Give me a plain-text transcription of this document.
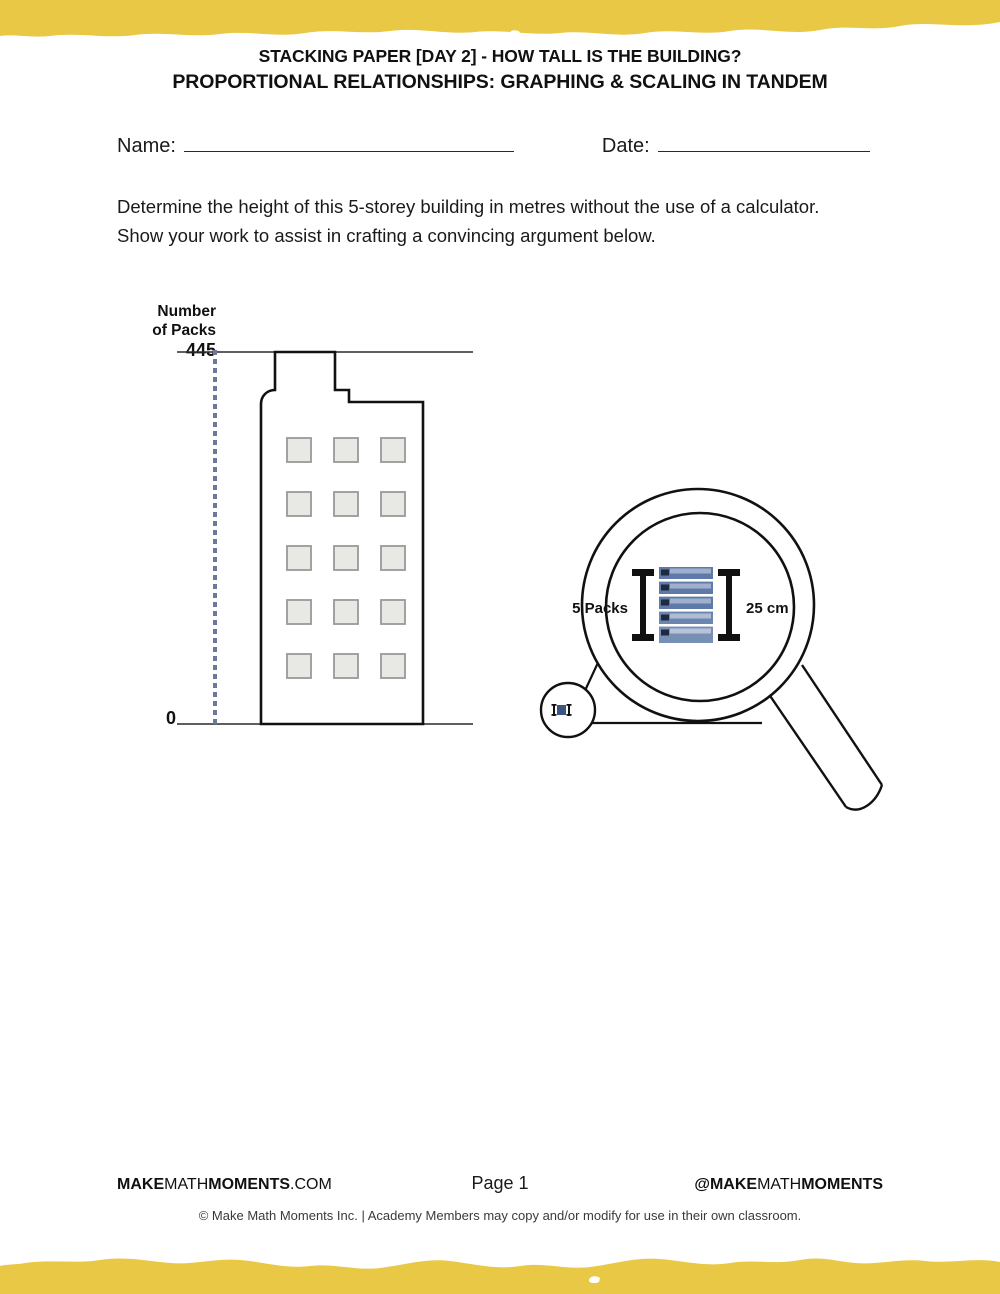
STACKING PAPER [DAY 2] - HOW TALL IS THE BUILDING?
PROPORTIONAL RELATIONSHIPS: GRAPHING & SCALING IN TANDEM
Name:	Date:
Determine the height of this 5-storey building in metres without the use of a calculator. Show your work to assist in crafting a convincing argument below.
Number
of Packs
445
0
5 Packs	25 cm
MAKEMATHMOMENTS.COM	Page 1	@MAKEMATHMOMENTS
© Make Math Moments Inc. | Academy Members may copy and/or modify for use in their own classroom.
